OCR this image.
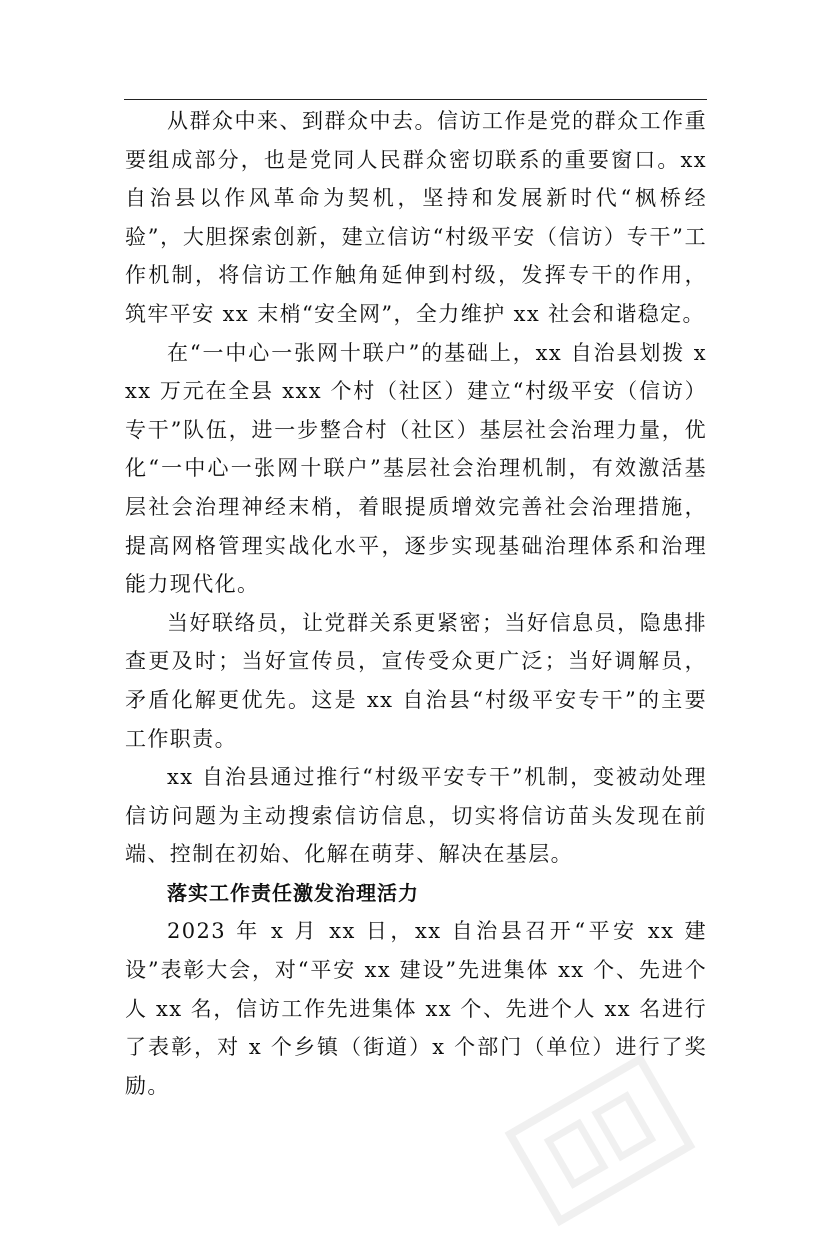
从群众中来、到群众中去。信访工作是党的群众工作重要组成部分，也是党同人民群众密切联系的重要窗口。xx 自治县以作风革命为契机，坚持和发展新时代“枫桥经验”，大胆探索创新，建立信访“村级平安（信访）专干”工作机制，将信访工作触角延伸到村级，发挥专干的作用，筑牢平安 xx 末梢“安全网”，全力维护 xx 社会和谐稳定。

在“一中心一张网十联户”的基础上，xx 自治县划拨 xxx 万元在全县 xxx 个村（社区）建立“村级平安（信访）专干”队伍，进一步整合村（社区）基层社会治理力量，优化“一中心一张网十联户”基层社会治理机制，有效激活基层社会治理神经末梢，着眼提质增效完善社会治理措施，提高网格管理实战化水平，逐步实现基础治理体系和治理能力现代化。

当好联络员，让党群关系更紧密；当好信息员，隐患排查更及时；当好宣传员，宣传受众更广泛；当好调解员，矛盾化解更优先。这是 xx 自治县“村级平安专干”的主要工作职责。

xx 自治县通过推行“村级平安专干”机制，变被动处理信访问题为主动搜索信访信息，切实将信访苗头发现在前端、控制在初始、化解在萌芽、解决在基层。

落实工作责任激发治理活力

2023 年 x 月 xx 日，xx 自治县召开“平安 xx 建设”表彰大会，对“平安 xx 建设”先进集体 xx 个、先进个人 xx 名，信访工作先进集体 xx 个、先进个人 xx 名进行了表彰，对 x 个乡镇（街道）x 个部门（单位）进行了奖励。
